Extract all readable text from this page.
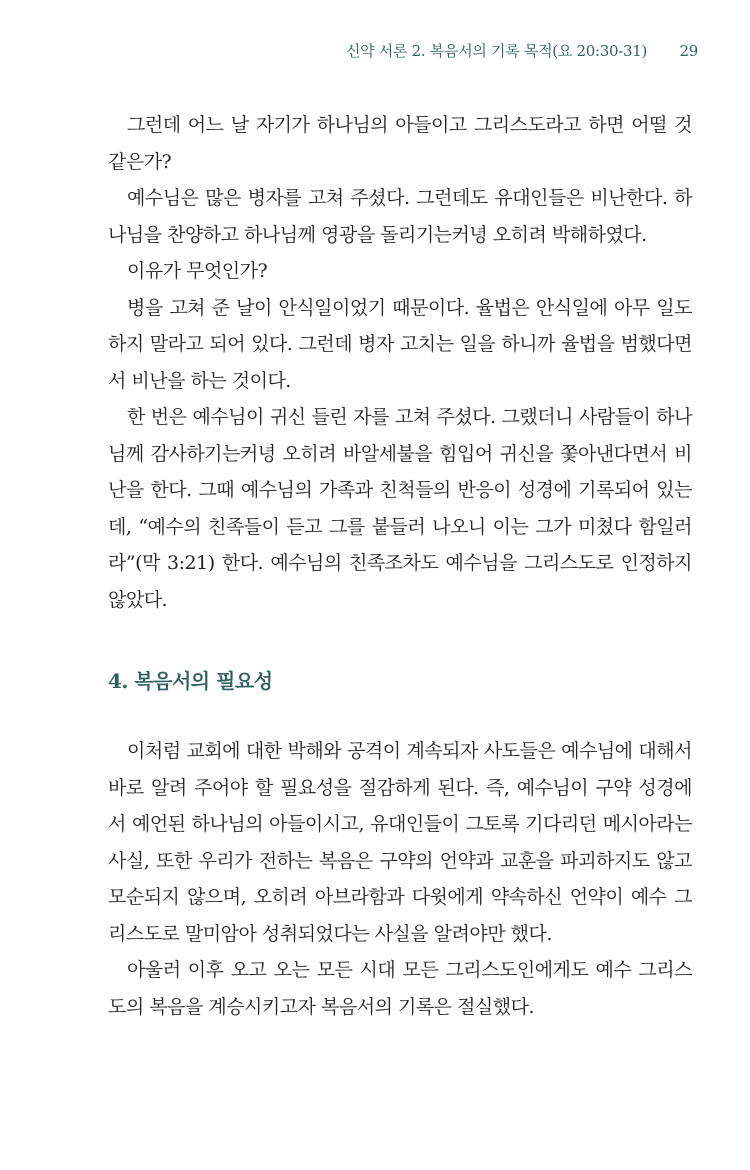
신약 서론 2. 복음서의 기록 목적(요 20:30-31) 29

그런데 어느 날 자기가 하나님의 아들이고 그리스도라고 하면 어떨 것 같은가?

예수님은 많은 병자를 고쳐 주셨다. 그런데도 유대인들은 비난한다. 하나님을 찬양하고 하나님께 영광을 돌리기는커녕 오히려 박해하였다.

이유가 무엇인가?

병을 고쳐 준 날이 안식일이었기 때문이다. 율법은 안식일에 아무 일도 하지 말라고 되어 있다. 그런데 병자 고치는 일을 하니까 율법을 범했다면서 비난을 하는 것이다.

한 번은 예수님이 귀신 들린 자를 고쳐 주셨다. 그랬더니 사람들이 하나님께 감사하기는커녕 오히려 바알세불을 힘입어 귀신을 쫓아낸다면서 비난을 한다. 그때 예수님의 가족과 친척들의 반응이 성경에 기록되어 있는데, “예수의 친족들이 듣고 그를 붙들러 나오니 이는 그가 미쳤다 함일러라”(막 3:21) 한다. 예수님의 친족조차도 예수님을 그리스도로 인정하지 않았다.

4. 복음서의 필요성

이처럼 교회에 대한 박해와 공격이 계속되자 사도들은 예수님에 대해서 바로 알려 주어야 할 필요성을 절감하게 된다. 즉, 예수님이 구약 성경에서 예언된 하나님의 아들이시고, 유대인들이 그토록 기다리던 메시아라는 사실, 또한 우리가 전하는 복음은 구약의 언약과 교훈을 파괴하지도 않고 모순되지 않으며, 오히려 아브라함과 다윗에게 약속하신 언약이 예수 그리스도로 말미암아 성취되었다는 사실을 알려야만 했다.

아울러 이후 오고 오는 모든 시대 모든 그리스도인에게도 예수 그리스도의 복음을 계승시키고자 복음서의 기록은 절실했다.
